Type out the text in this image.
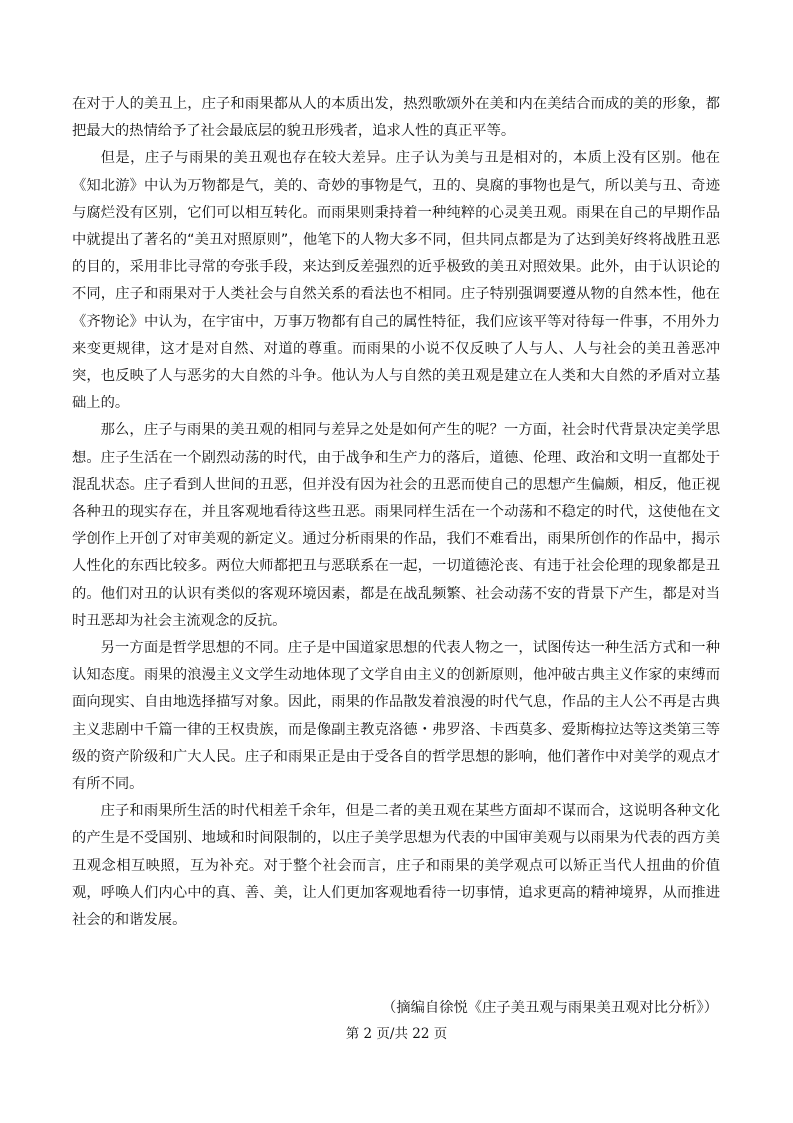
在对于人的美丑上，庄子和雨果都从人的本质出发，热烈歌颂外在美和内在美结合而成的美的形象，都把最大的热情给予了社会最底层的貌丑形残者，追求人性的真正平等。

但是，庄子与雨果的美丑观也存在较大差异。庄子认为美与丑是相对的，本质上没有区别。他在《知北游》中认为万物都是气，美的、奇妙的事物是气，丑的、臭腐的事物也是气，所以美与丑、奇迹与腐烂没有区别，它们可以相互转化。而雨果则秉持着一种纯粹的心灵美丑观。雨果在自己的早期作品中就提出了著名的“美丑对照原则”，他笔下的人物大多不同，但共同点都是为了达到美好终将战胜丑恶的目的，采用非比寻常的夸张手段，来达到反差强烈的近乎极致的美丑对照效果。此外，由于认识论的不同，庄子和雨果对于人类社会与自然关系的看法也不相同。庄子特别强调要遵从物的自然本性，他在《齐物论》中认为，在宇宙中，万事万物都有自己的属性特征，我们应该平等对待每一件事，不用外力来变更规律，这才是对自然、对道的尊重。而雨果的小说不仅反映了人与人、人与社会的美丑善恶冲突，也反映了人与恶劣的大自然的斗争。他认为人与自然的美丑观是建立在人类和大自然的矛盾对立基础上的。

那么，庄子与雨果的美丑观的相同与差异之处是如何产生的呢？一方面，社会时代背景决定美学思想。庄子生活在一个剧烈动荡的时代，由于战争和生产力的落后，道德、伦理、政治和文明一直都处于混乱状态。庄子看到人世间的丑恶，但并没有因为社会的丑恶而使自己的思想产生偏颇，相反，他正视各种丑的现实存在，并且客观地看待这些丑恶。雨果同样生活在一个动荡和不稳定的时代，这使他在文学创作上开创了对审美观的新定义。通过分析雨果的作品，我们不难看出，雨果所创作的作品中，揭示人性化的东西比较多。两位大师都把丑与恶联系在一起，一切道德沦丧、有违于社会伦理的现象都是丑的。他们对丑的认识有类似的客观环境因素，都是在战乱频繁、社会动荡不安的背景下产生，都是对当时丑恶却为社会主流观念的反抗。

另一方面是哲学思想的不同。庄子是中国道家思想的代表人物之一，试图传达一种生活方式和一种认知态度。雨果的浪漫主义文学生动地体现了文学自由主义的创新原则，他冲破古典主义作家的束缚而面向现实、自由地选择描写对象。因此，雨果的作品散发着浪漫的时代气息，作品的主人公不再是古典主义悲剧中千篇一律的王权贵族，而是像副主教克洛德・弗罗洛、卡西莫多、爱斯梅拉达等这类第三等级的资产阶级和广大人民。庄子和雨果正是由于受各自的哲学思想的影响，他们著作中对美学的观点才有所不同。

庄子和雨果所生活的时代相差千余年，但是二者的美丑观在某些方面却不谋而合，这说明各种文化的产生是不受国别、地域和时间限制的，以庄子美学思想为代表的中国审美观与以雨果为代表的西方美丑观念相互映照，互为补充。对于整个社会而言，庄子和雨果的美学观点可以矫正当代人扭曲的价值观，呼唤人们内心中的真、善、美，让人们更加客观地看待一切事情，追求更高的精神境界，从而推进社会的和谐发展。

（摘编自徐悦《庄子美丑观与雨果美丑观对比分析》）
第 2 页/共 22 页
